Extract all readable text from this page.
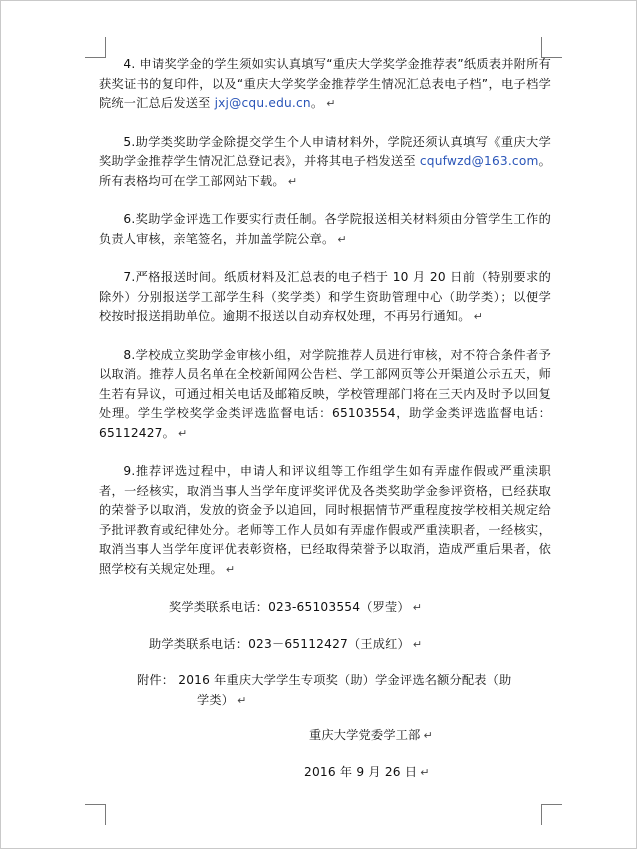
4. 申请奖学金的学生须如实认真填写“重庆大学奖学金推荐表”纸质表并附所有获奖证书的复印件，以及“重庆大学奖学金推荐学生情况汇总表电子档”，电子档学院统一汇总后发送至 jxj@cqu.edu.cn。 ↵

5.助学类奖助学金除提交学生个人申请材料外，学院还须认真填写《重庆大学奖助学金推荐学生情况汇总登记表》，并将其电子档发送至 cqufwzd@163.com。所有表格均可在学工部网站下载。 ↵

6.奖助学金评选工作要实行责任制。各学院报送相关材料须由分管学生工作的负责人审核，亲笔签名，并加盖学院公章。 ↵

7.严格报送时间。纸质材料及汇总表的电子档于 10 月 20 日前（特别要求的除外）分别报送学工部学生科（奖学类）和学生资助管理中心（助学类）；以便学校按时报送捐助单位。逾期不报送以自动弃权处理，不再另行通知。 ↵

8.学校成立奖助学金审核小组，对学院推荐人员进行审核，对不符合条件者予以取消。推荐人员名单在全校新闻网公告栏、学工部网页等公开渠道公示五天，师生若有异议，可通过相关电话及邮箱反映，学校管理部门将在三天内及时予以回复处理。学生学校奖学金类评选监督电话：65103554，助学金类评选监督电话：65112427。 ↵

9.推荐评选过程中，申请人和评议组等工作组学生如有弄虚作假或严重渎职者，一经核实，取消当事人当学年度评奖评优及各类奖助学金参评资格，已经获取的荣誉予以取消，发放的资金予以追回，同时根据情节严重程度按学校相关规定给予批评教育或纪律处分。老师等工作人员如有弄虚作假或严重渎职者，一经核实，取消当事人当学年度评优表彰资格，已经取得荣誉予以取消，造成严重后果者，依照学校有关规定处理。 ↵

奖学类联系电话：023-65103554（罗莹） ↵
助学类联系电话：023－65112427（王成红） ↵
附件： 2016 年重庆大学学生专项奖（助）学金评选名额分配表（助
学类） ↵
重庆大学党委学工部 ↵
2016 年 9 月 26 日 ↵
